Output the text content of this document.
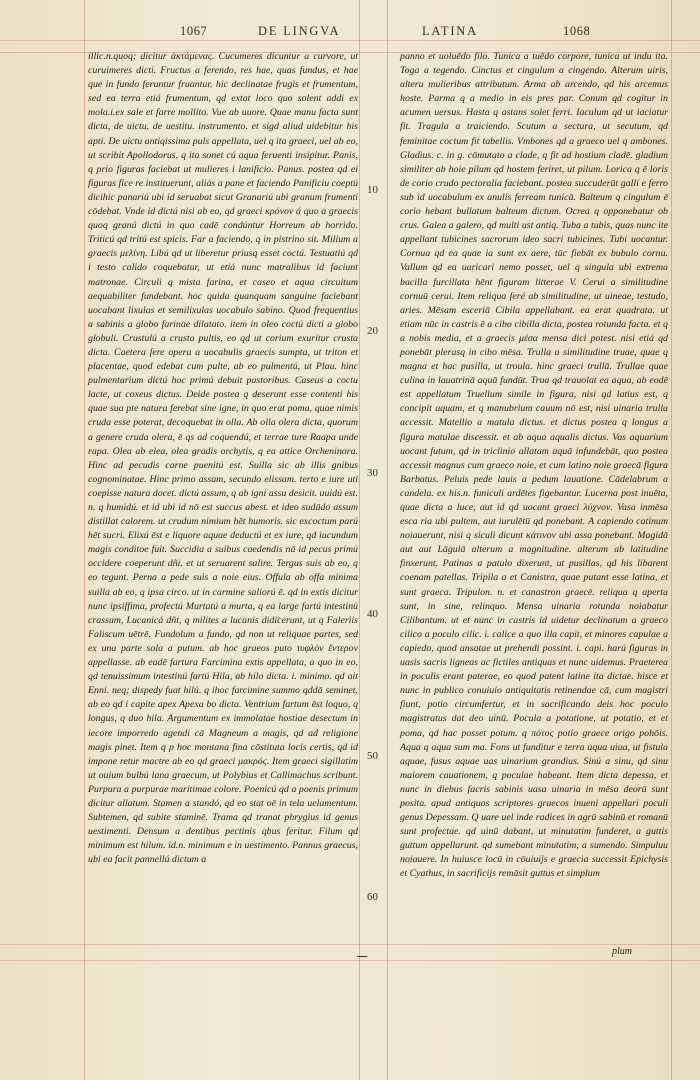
1067	DE LINGVA	LATINA	1068

illic.n.quoq; dicitur ἀκτάμενας. Cucumeres dicuntur a curvore, ut curuimeres dicti. Fructus a ferendo, res hae, quas fundus, et hae que in fundo feruntur fruantur. hic declinatae frugis et frumentum, sed ea terra etiá frumentum, qd extat loco quo solent addi ex mola.i.ex sale et farre mollito. Vue ab uuore. Quae manu facta sunt dicta, de uictu. de uestitu. instrumento. et sigd aliud uidebitur his apti. De uictu antiqissima puls appellata, uel q ita graeci, uel ab eo, ut scribit Apollodorus, q ita sonet cú aqua feruenti insipitur. Panis, q prio figuras faciebat ut mulieres i lanificio. Panus. postea qd ei figuras fice re instituerunt, aliás a pane et faciendo Panificiu coeptú dicihic panariú ubi id seruabat sicut Granariú ubi granum frumenti cōdebat. Vnde id dictú nisi ab eo, qd graeci κρόνον á quo a graecis quoq granú dictú in quo cadē condúntur Horreum ab horrido. Triticú qd tritú est spicis. Far a faciendo, q in pistrino sit. Milium a graecis μελίνη. Libú qd ut liberetur priusq esset coctú. Testuatiú qd i testo calido coquebatur, ut etiá nunc matralibus id faciunt matronae. Circuli q mista farina, et caseo et aqua circuitum aequabiliter fundebant. hoc quida quanquam sanguine faciebant uocabant lixulas et semilixulas uocabulo sabino. Quod frequentius a sabinis a globo farinae dilatato. item in oleo coctú dicti a globo globuli. Crustulú a crusta pultis, eo qd ut corium exuritur crusta dicta. Caetera fere opera a uocabulis graecis sumpta, ut triton et placentae, quod edebat cum pulte, ab eo pulmentú, ut Plau. hinc pulmentarium dictú hoc primú debuit pastoribus. Caseus a coctu lacte, ut coxeus dictus. Deide postea q deserunt esse contenti his quae sua pte natura ferebat sine igne, in quo erat poma, quae nimis cruda esse poterat, decoquebat in olla. Ab olla olera dicta, quorum a genere cruda olera, ē qs ad coquendú, et terrae ture Raapa unde rapa. Olea ab elea, olea gradis orchytis, q ea attice Orcheninora. Hinc ad pecudis carne puenitú est. Suilla sic ab illis gnibus cognominatae. Hinc primo assam, secundo elissam. terto e iure uti coepisse natura docet. dictú assum, q ab igni assu desicit. uuidú est. n. q humidú. et id ubi id nō est succus abest. et ideo sudādo assum distillat calorem. ut crudum nimium hēt humoris. sic excoctum parú hēt sucri. Elixú ēst e liquore aquae deductú et ex iure, qd iucundum magis conditoe fuit. Succidia a suibus caedendis nā id pecus primú occidere coeperunt dñi. et ut seruarent salire. Tergus suis ab eo, q eo tegunt. Perna a pede suis a noie eius. Offula ab offa minima suilla ab eo, q ipsa circo. ut in carmine saliorú ē. qd in extis dicitur nunc ipsiffima, profectú Murtatú a murta, q ea large fartú intestinú crassum, Lucanicá dñt, q milites a lucanis didicerunt, ut q Faleriis Faliscum uētrē. Fundolum a fundo, qd non ut reliquae partes, sed ex una parte sola a putum. ab hoc graeos puto τυφλὸν ἔντερον appellasse. ab eadē fartura Farcimina extis appellata, a quo in eo, qd tenuissimum intestinú fartú Hila, ab hilo dicta. i. minimo. qd ait Enni. neq; dispedy fuat hilú. q ihoc farcimine summo qddā seminet. ab eo qd i capite apex Apexa bo dicta. Ventrium fartum ēst loquo, q longus, q duo hila. Argumentum ex immolatae hostiae desectum in iecore imporredo agendi cā Magneum a magis, qd ad religione magis pinet. Item q p hoc montana fina cōstituta locis certis, qd id impone retur mactre ab eo qd graeci μακρός. Item graeci sigillatim ut ouium bulbú lana graecum, ut Polybius et Callimachus scribunt. Purpura a purpurae maritimae colore. Poenicú qd a poenis primum dicitur allatum. Stamen a standó, qd eo stat oē in tela uelamentum. Subtemen, qd subite staminē. Trama qd tranat phrygius id genus uestimenti. Densum a dentibus pectinis qbus feritur. Filum qd minimum est hilum. id.n. minimum e in uestimento. Pannus graecus, ubi ea facit pannellú dictum a

panno et uoluēdo filo. Tunica a tuēdo corpore, tunica ut indu ita. Toga a tegendo. Cinctus et cingulum a cingendo. Alterum uiris, alteru mulieribus attributum. Arma ab arcendo, qd his arcemus hoste. Parma q a medio in eis pres par. Conum qd cogitur in acumen uersus. Hasta q astans solet ferri. Iaculum qd ut iaciatur fit. Tragula a traiciendo. Scutum a sectura, ut secutum, qd feminitae coctum fit tabellis. Vmbones qd a graeco uel q ambones. Gladius. c. in g. cōmutato a clade, q fit ad hostium cladē. gladium similiter ab hoie pilum qd hostem feriret, ut pilum. Lorica q ē loris de corio crudo pectoralia faciebant. postea succuderūt gallí e ferro sub id uocabulum ex anulis ferream tunicā. Balteum q cingulum ē corio hebant bullatum balteum dictum. Ocrea q opponebatur ob crus. Galea a galero, qd multi ust antiq. Tuba a tubis, quas nunc ite appellant tubicines sacrorum ideo sacri tubicines. Tubi uocantur. Cornua qd ea quae ia sunt ex aere, tūc fiebāt ex bubulo cornu. Vallum qd ea uaricari nemo posset, uel q singula ubi extrema bacilla furcillata hēnt figuram litterae V. Cerui a similitudine cornuū cerui. Item reliqua feré ab similitudine, ut uineae, testudo, aries. Mēsam esceriā Cibila appellabant. ea erat quadrata. ut etiam nūc in castris ē a cibo cibilla dicta, postea rotunda facta. et q a nobis media, et a graecis μέσα mensa dici potest. nisi etiá qd ponebāt plerasq in cibo mēsa. Trulla a similitudine truae, quae q magna et hac pusilla, ut troula. hinc graeci trullā. Trullae quae culina in lauatrinā aquā fundūt. Trua qd trauolat ea aqua, ab eodē est appellatum Truellum simile in figura, nisi qd latius est, q concipit aquam, et q manubrium cauum nō est, nisi uinaria trulla accessit. Matellio a matula dictus. et dictus postea q longus a figura matulae discessit. et ab aqua aqualis dictus. Vas aquarium uocant futum, qd in triclinio allatam aquā infundebāt, quo postea accessit magnus cum graeco noie, et cum latino noie graecā figura Barbatus. Peluis pede lauis a pedum lauatione. Cādelabrum a candela. ex his.n. funiculi ardētes figebantur. Lucerna post inuēta, quae dicta a luce, aut id qd uocant graeci λύχνον. Vasa inmēsa esca ria ubi pultem, aut iurulētū qd ponebant. A capiendo catinum noiauerunt, nisi q siculi dicunt κάτινον ubi assa ponebant. Magidā aut aut Lāgulā alterum a magnitudine. alterum ab latitudine finxerunt. Patinas a patulo dixerunt, ut pusillas, qd his libarent coenam patellas. Tripila a et Canistra, quae putant esse latina, et sunt graeca. Tripulon. n. et canastron graecē. reliqua q aperta sunt, in sine, relinquo. Mensa uinaria rotunda noiabatur Cilibantum. ut et nunc in castris id uidetur declinatum a graeco cilico a poculo cilic. i. calice a quo illa capit, et minores capulae a capiedo, quod ansatae ut prehendi possint. i. capi. harú figuras in uasis sacris ligneas ac fictiles antiquas et nunc uidemus. Praeterea in poculis erant paterae, eo quod patent latine ita dictae. hisce et nunc in publico conuiuio antiquitatis retinendae cā, cum magistri fiunt, potio circumfertur, et in sacrificando deis hoc poculo magistratus dat deo uinū. Pocula a potatione, ut potatio, et et poma, qd hac posset potum. q πότος potio graece origo pohōis. Aqua q aqua sum ma. Fons ut funditur e terra aqua uiua, ut fistula aquae, fusus aquae uas uinarium grandius. Sinú a sinu, qd sinu maiorem cauationem, q poculae habeant. Item dicta depessa, et nunc in diebus facris sabinis uasa uinaria in mēsa deorū sunt posita. apud antiquos scriptores graecos inueni appellari poculi genus Depessam. Q uare uel inde radices in agrū sabinū et romanū sunt profectae. qd uinū dabant, ut minutatim funderet, a guttis guttum appellarunt. qd sumebant minutatim, a sumendo. Simpuluu noiauere. In huiusce locū in cōuiuijs e graecia successit Epichysis et Cyathus, in sacrificijs remāsit guttus et simplum

10
20
30
40
50
60
plum
